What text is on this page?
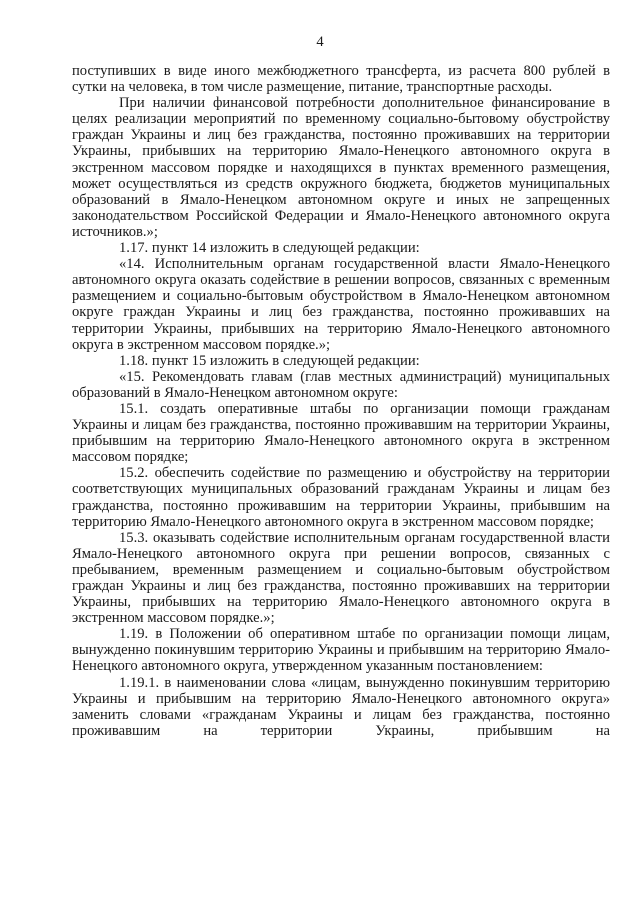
4

поступивших в виде иного межбюджетного трансферта, из расчета 800 рублей в сутки на человека, в том числе размещение, питание, транспортные расходы.

При наличии финансовой потребности дополнительное финансирование в целях реализации мероприятий по временному социально-бытовому обустройству граждан Украины и лиц без гражданства, постоянно проживавших на территории Украины, прибывших на территорию Ямало-Ненецкого автономного округа в экстренном массовом порядке и находящихся в пунктах временного размещения, может осуществляться из средств окружного бюджета, бюджетов муниципальных образований в Ямало-Ненецком автономном округе и иных не запрещенных законодательством Российской Федерации и Ямало-Ненецкого автономного округа источников.»;

1.17. пункт 14 изложить в следующей редакции:

«14. Исполнительным органам государственной власти Ямало-Ненецкого автономного округа оказать содействие в решении вопросов, связанных с временным размещением и социально-бытовым обустройством в Ямало-Ненецком автономном округе граждан Украины и лиц без гражданства, постоянно проживавших на территории Украины, прибывших на территорию Ямало-Ненецкого автономного округа в экстренном массовом порядке.»;

1.18. пункт 15 изложить в следующей редакции:

«15. Рекомендовать главам (глав местных администраций) муниципальных образований в Ямало-Ненецком автономном округе:

15.1. создать оперативные штабы по организации помощи гражданам Украины и лицам без гражданства, постоянно проживавшим на территории Украины, прибывшим на территорию Ямало-Ненецкого автономного округа в экстренном массовом порядке;

15.2. обеспечить содействие по размещению и обустройству на территории соответствующих муниципальных образований гражданам Украины и лицам без гражданства, постоянно проживавшим на территории Украины, прибывшим на территорию Ямало-Ненецкого автономного округа в экстренном массовом порядке;

15.3. оказывать содействие исполнительным органам государственной власти Ямало-Ненецкого автономного округа при решении вопросов, связанных с пребыванием, временным размещением и социально-бытовым обустройством граждан Украины и лиц без гражданства, постоянно проживавших на территории Украины, прибывших на территорию Ямало-Ненецкого автономного округа в экстренном массовом порядке.»;

1.19. в Положении об оперативном штабе по организации помощи лицам, вынужденно покинувшим территорию Украины и прибывшим на территорию Ямало-Ненецкого автономного округа, утвержденном указанным постановлением:

1.19.1. в наименовании слова «лицам, вынужденно покинувшим территорию Украины и прибывшим на территорию Ямало-Ненецкого автономного округа» заменить словами «гражданам Украины и лицам без гражданства, постоянно проживавшим на территории Украины, прибывшим на
